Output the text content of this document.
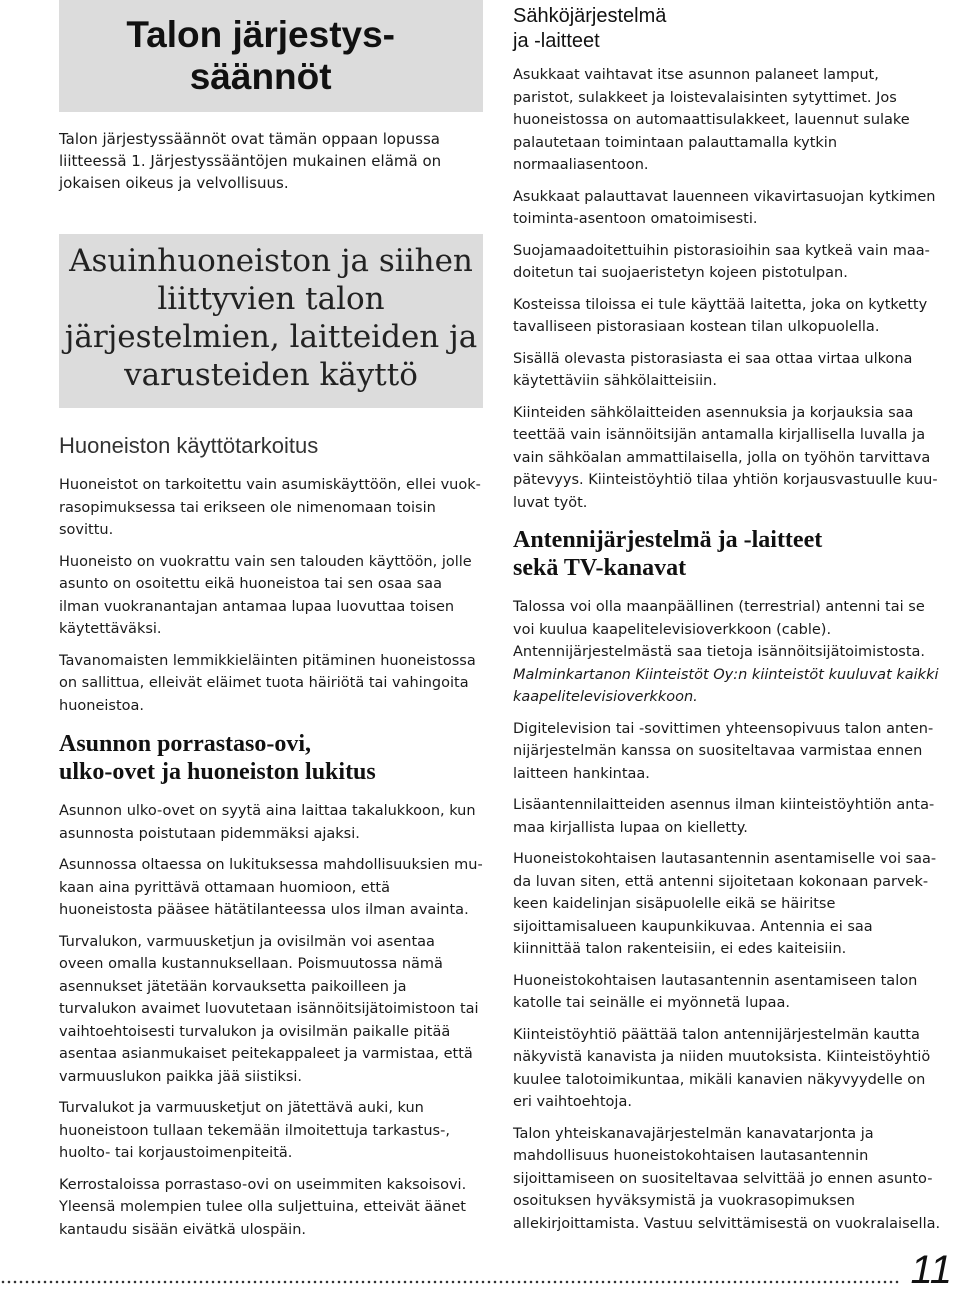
Talon järjestys-
säännöt

Talon järjestyssäännöt ovat tämän oppaan lopussa liitteessä 1. Järjestyssääntöjen mukainen elämä on jokaisen oikeus ja velvollisuus.

Asuinhuoneiston ja siihen liittyvien talon järjestelmien, laitteiden ja varusteiden käyttö
Huoneiston käyttötarkoitus

Huoneistot on tarkoitettu vain asumiskäyttöön, ellei vuokrasopimuksessa tai erikseen ole nimenomaan toisin sovittu.

Huoneisto on vuokrattu vain sen talouden käyttöön, jolle asunto on osoitettu eikä huoneistoa tai sen osaa saa ilman vuokranantajan antamaa lupaa luovuttaa toisen käytettäväksi.

Tavanomaisten lemmikkieläinten pitäminen huoneistossa on sallittua, elleivät eläimet tuota häiriötä tai vahingoita huoneistoa.

Asunnon porrastaso-ovi,
ulko-ovet ja huoneiston lukitus

Asunnon ulko-ovet on syytä aina laittaa takalukkoon, kun asunnosta poistutaan pidemmäksi ajaksi.

Asunnossa oltaessa on lukituksessa mahdollisuuksien mukaan aina pyrittävä ottamaan huomioon, että huoneistosta pääsee hätätilanteessa ulos ilman avainta.

Turvalukon, varmuusketjun ja ovisilmän voi asentaa oveen omalla kustannuksellaan. Poismuutossa nämä asennukset jätetään korvauksetta paikoilleen ja turvalukon avaimet luovutetaan isännöitsijätoimistoon tai vaihtoehtoisesti turvalukon ja ovisilmän paikalle pitää asentaa asianmukaiset peitekappaleet ja varmistaa, että varmuuslukon paikka jää siistiksi.

Turvalukot ja varmuusketjut on jätettävä auki, kun huoneistoon tullaan tekemään ilmoitettuja tarkastus-, huolto- tai korjaustoimenpiteitä.

Kerrostaloissa porrastaso-ovi on useimmiten kaksoisovi. Yleensä molempien tulee olla suljettuina, etteivät äänet kantaudu sisään eivätkä ulospäin.

Sähköjärjestelmä
ja -laitteet

Asukkaat vaihtavat itse asunnon palaneet lamput, paristot, sulakkeet ja loistevalaisinten sytyttimet. Jos huoneistossa on automaattisulakkeet, lauennut sulake palautetaan toimintaan palauttamalla kytkin normaaliasentoon.

Asukkaat palauttavat lauenneen vikavirtasuojan kytkimen toiminta-asentoon omatoimisesti.

Suojamaadoitettuihin pistorasioihin saa kytkeä vain maadoitetun tai suojaeristetyn kojeen pistotulpan.

Kosteissa tiloissa ei tule käyttää laitetta, joka on kytketty tavalliseen pistorasiaan kostean tilan ulkopuolella.

Sisällä olevasta pistorasiasta ei saa ottaa virtaa ulkona käytettäviin sähkölaitteisiin.

Kiinteiden sähkölaitteiden asennuksia ja korjauksia saa teettää vain isännöitsijän antamalla kirjallisella luvalla ja vain sähköalan ammattilaisella, jolla on työhön tarvittava pätevyys. Kiinteistöyhtiö tilaa yhtiön korjausvastuulle kuuluvat työt.

Antennijärjestelmä ja -laitteet
sekä TV-kanavat

Talossa voi olla maanpäällinen (terrestrial) antenni tai se voi kuulua kaapelitelevisioverkkoon (cable). Antennijärjestelmästä saa tietoja isännöitsijätoimistosta. Malminkartanon Kiinteistöt Oy:n kiinteistöt kuuluvat kaikki kaapelitelevisioverkkoon.

Digitelevision tai -sovittimen yhteensopivuus talon antennijärjestelmän kanssa on suositeltavaa varmistaa ennen laitteen hankintaa.

Lisäantennilaitteiden asennus ilman kiinteistöyhtiön antamaa kirjallista lupaa on kielletty.

Huoneistokohtaisen lautasantennin asentamiselle voi saada luvan siten, että antenni sijoitetaan kokonaan parvekkeen kaidelinjan sisäpuolelle eikä se häiritse sijoittamisalueen kaupunkikuvaa. Antennia ei saa kiinnittää talon rakenteisiin, ei edes kaiteisiin.

Huoneistokohtaisen lautasantennin asentamiseen talon katolle tai seinälle ei myönnetä lupaa.

Kiinteistöyhtiö päättää talon antennijärjestelmän kautta näkyvistä kanavista ja niiden muutoksista. Kiinteistöyhtiö kuulee talotoimikuntaa, mikäli kanavien näkyvyydelle on eri vaihtoehtoja.

Talon yhteiskanavajärjestelmän kanavatarjonta ja mahdollisuus huoneistokohtaisen lautasantennin sijoittamiseen on suositeltavaa selvittää jo ennen asunto-osoituksen hyväksymistä ja vuokrasopimuksen allekirjoittamista. Vastuu selvittämisestä on vuokralaisella.

11
